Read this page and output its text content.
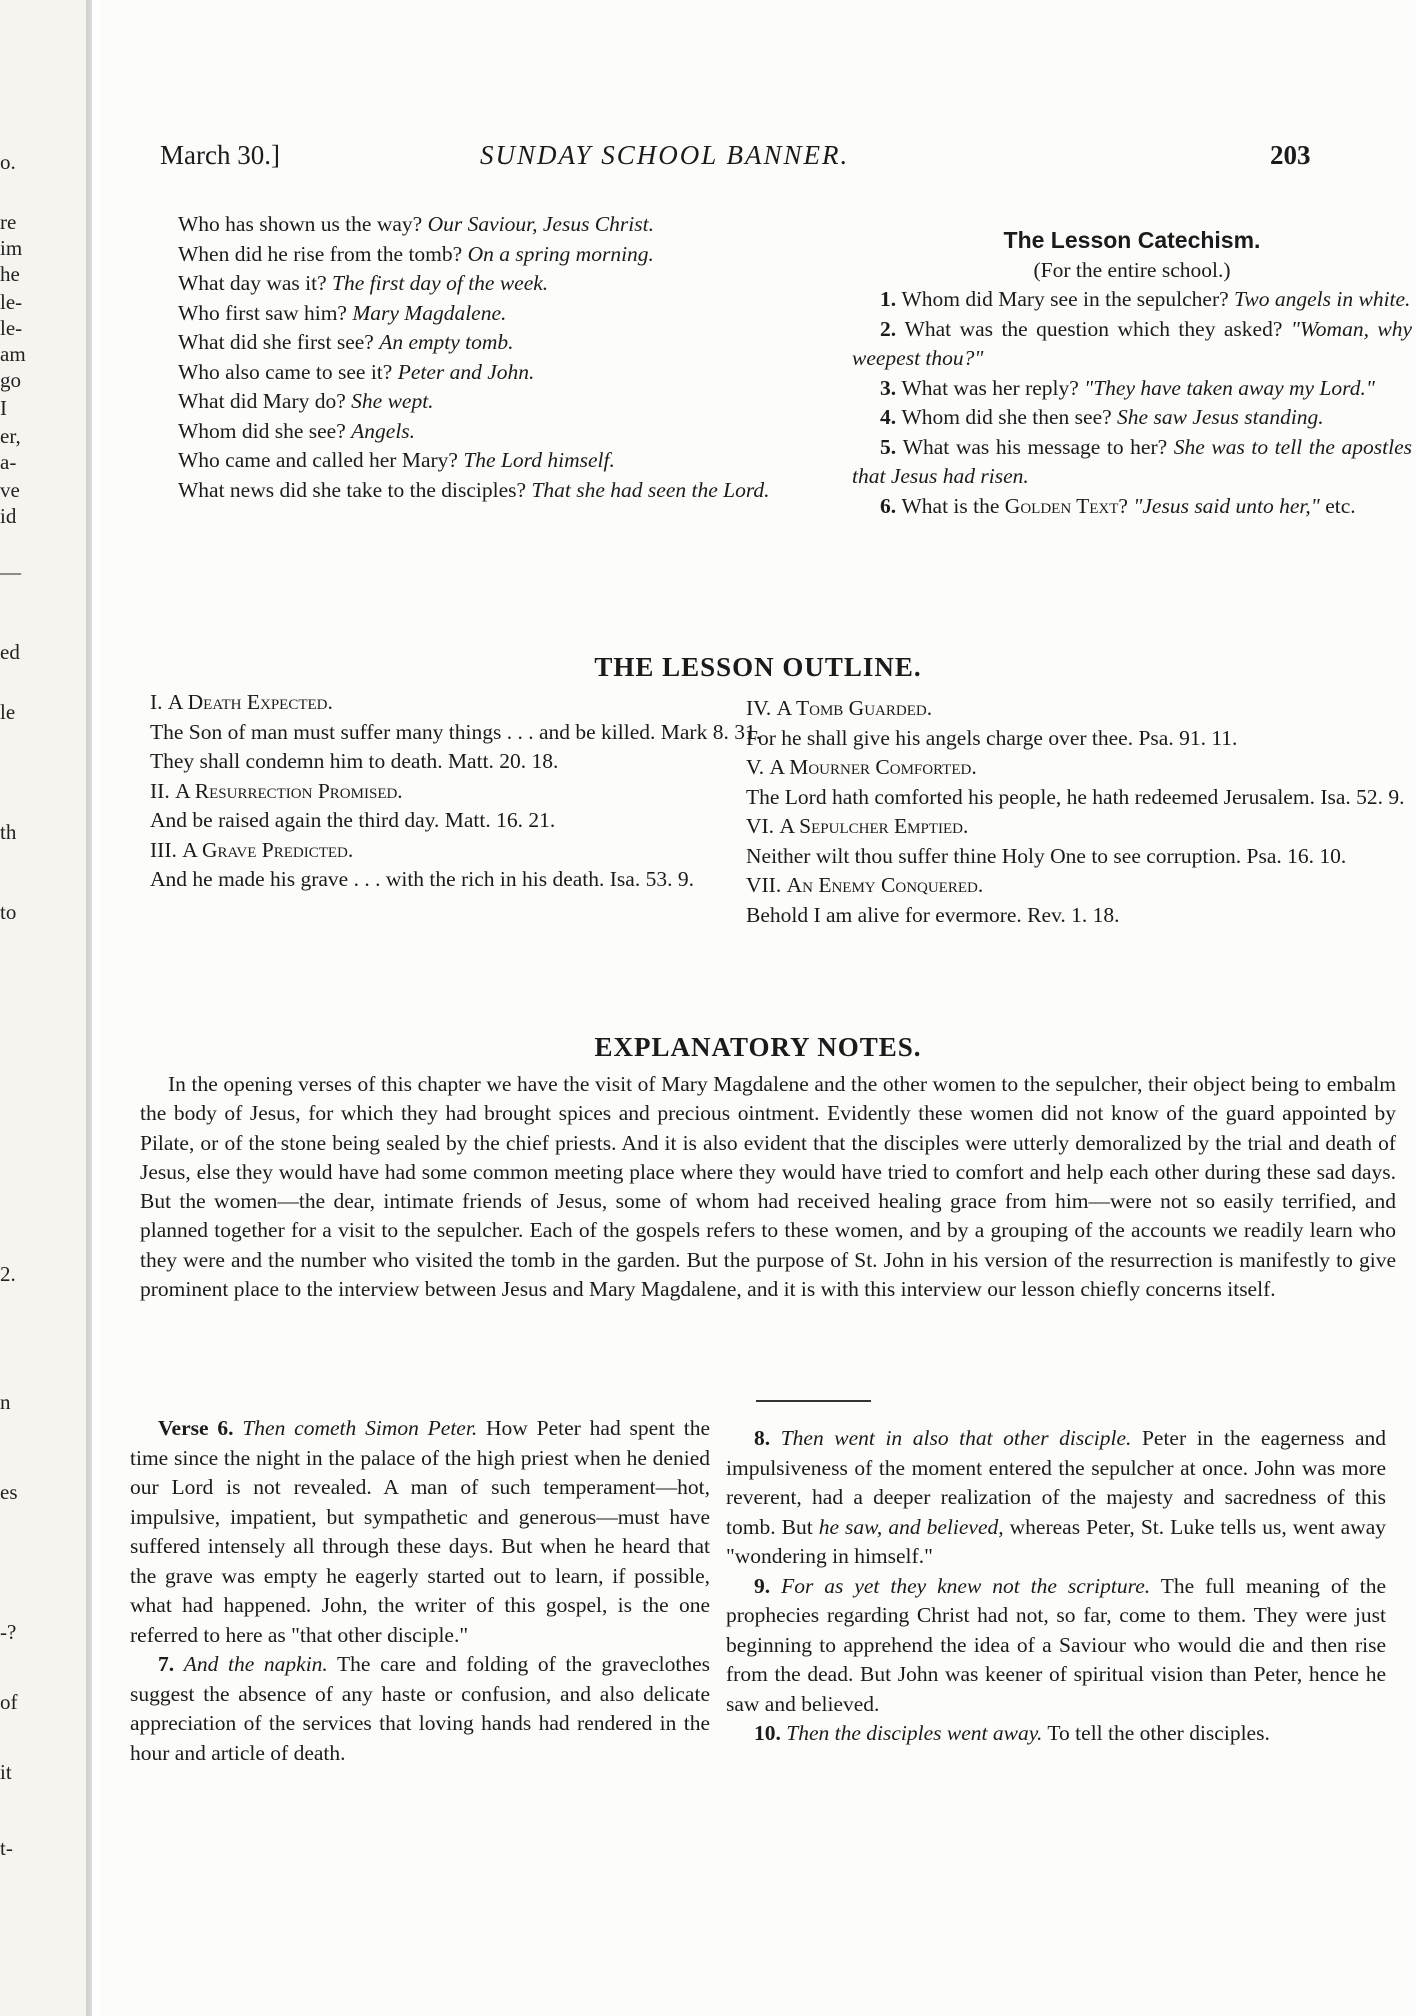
o.
re
im
he
le-
le-
am
go
I
er,
a-
ve
id
—
ed
le
th
to
2.
n
es
-?
of
it
t-
March 30.]	SUNDAY SCHOOL BANNER.	203

Who has shown us the way? Our Saviour, Jesus Christ.

When did he rise from the tomb? On a spring morning.

What day was it? The first day of the week.

Who first saw him? Mary Magdalene.

What did she first see? An empty tomb.

Who also came to see it? Peter and John.

What did Mary do? She wept.

Whom did she see? Angels.

Who came and called her Mary? The Lord himself.

What news did she take to the disciples? That she had seen the Lord.

The Lesson Catechism.

(For the entire school.)

1. Whom did Mary see in the sepulcher? Two angels in white.

2. What was the question which they asked? "Woman, why weepest thou?"

3. What was her reply? "They have taken away my Lord."

4. Whom did she then see? She saw Jesus standing.

5. What was his message to her? She was to tell the apostles that Jesus had risen.

6. What is the Golden Text? "Jesus said unto her," etc.

THE LESSON OUTLINE.

I. A Death Expected.

The Son of man must suffer many things . . . and be killed. Mark 8. 31.

They shall condemn him to death. Matt. 20. 18.

II. A Resurrection Promised.

And be raised again the third day. Matt. 16. 21.

III. A Grave Predicted.

And he made his grave . . . with the rich in his death. Isa. 53. 9.

IV. A Tomb Guarded.

For he shall give his angels charge over thee. Psa. 91. 11.

V. A Mourner Comforted.

The Lord hath comforted his people, he hath redeemed Jerusalem. Isa. 52. 9.

VI. A Sepulcher Emptied.

Neither wilt thou suffer thine Holy One to see corruption. Psa. 16. 10.

VII. An Enemy Conquered.

Behold I am alive for evermore. Rev. 1. 18.

EXPLANATORY NOTES.
In the opening verses of this chapter we have the visit of Mary Magdalene and the other women to the sepulcher, their object being to embalm the body of Jesus, for which they had brought spices and precious ointment. Evidently these women did not know of the guard appointed by Pilate, or of the stone being sealed by the chief priests. And it is also evident that the disciples were utterly demoralized by the trial and death of Jesus, else they would have had some common meeting place where they would have tried to comfort and help each other during these sad days. But the women—the dear, intimate friends of Jesus, some of whom had received healing grace from him—were not so easily terrified, and planned together for a visit to the sepulcher. Each of the gospels refers to these women, and by a grouping of the accounts we readily learn who they were and the number who visited the tomb in the garden. But the purpose of St. John in his version of the resurrection is manifestly to give prominent place to the interview between Jesus and Mary Magdalene, and it is with this interview our lesson chiefly concerns itself.

Verse 6. Then cometh Simon Peter. How Peter had spent the time since the night in the palace of the high priest when he denied our Lord is not revealed. A man of such temperament—hot, impulsive, impatient, but sympathetic and generous—must have suffered intensely all through these days. But when he heard that the grave was empty he eagerly started out to learn, if possible, what had happened. John, the writer of this gospel, is the one referred to here as "that other disciple."

7. And the napkin. The care and folding of the graveclothes suggest the absence of any haste or confusion, and also delicate appreciation of the services that loving hands had rendered in the hour and article of death.

8. Then went in also that other disciple. Peter in the eagerness and impulsiveness of the moment entered the sepulcher at once. John was more reverent, had a deeper realization of the majesty and sacredness of this tomb. But he saw, and believed, whereas Peter, St. Luke tells us, went away "wondering in himself."

9. For as yet they knew not the scripture. The full meaning of the prophecies regarding Christ had not, so far, come to them. They were just beginning to apprehend the idea of a Saviour who would die and then rise from the dead. But John was keener of spiritual vision than Peter, hence he saw and believed.

10. Then the disciples went away. To tell the other disciples.
